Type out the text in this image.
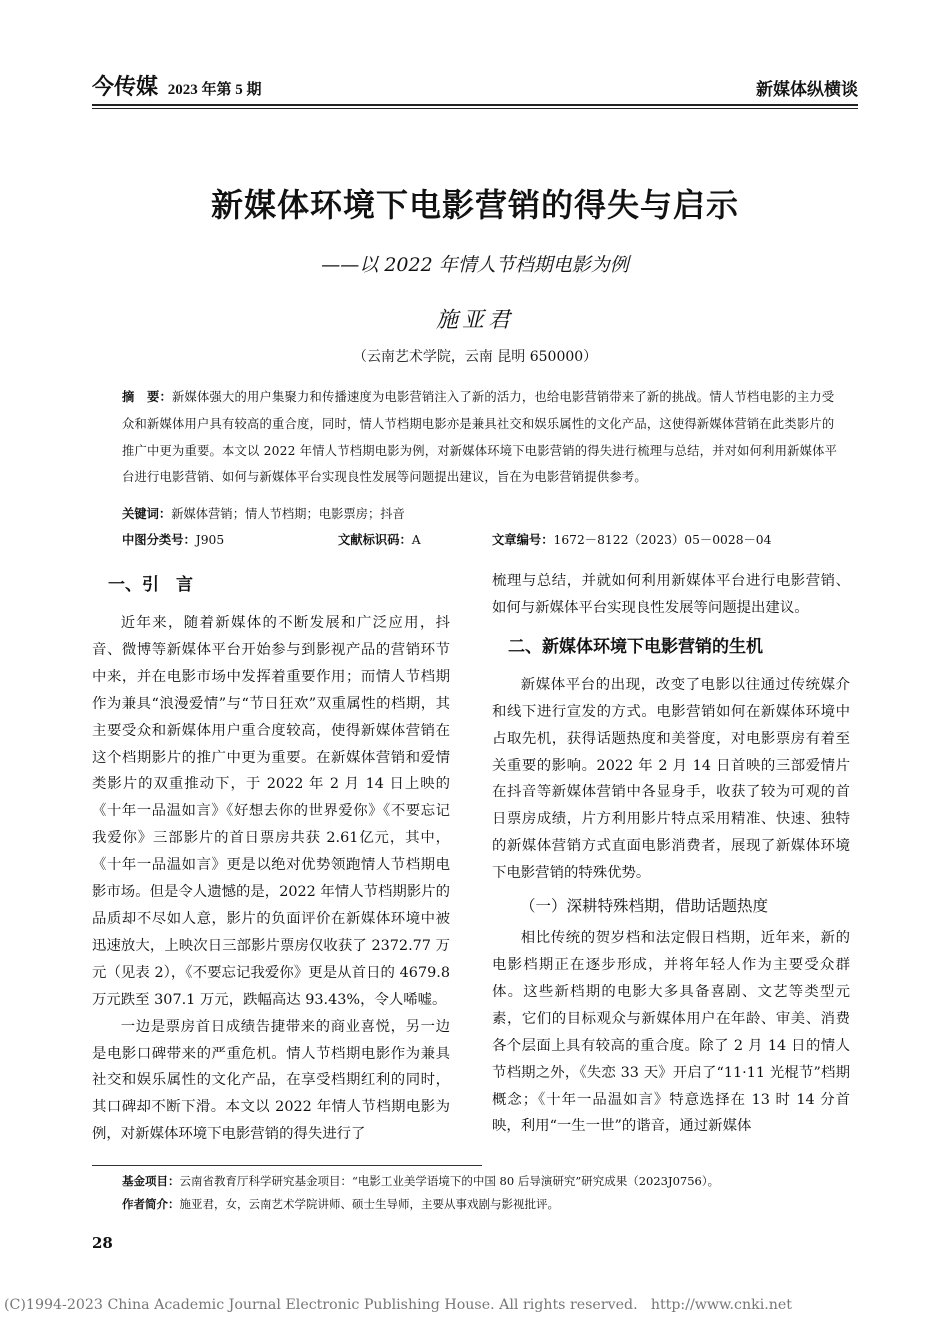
今传媒 2023 年第 5 期	新媒体纵横谈
新媒体环境下电影营销的得失与启示
——以 2022 年情人节档期电影为例
施亚君
（云南艺术学院，云南 昆明 650000）
摘　要：新媒体强大的用户集聚力和传播速度为电影营销注入了新的活力，也给电影营销带来了新的挑战。情人节档电影的主力受众和新媒体用户具有较高的重合度，同时，情人节档期电影亦是兼具社交和娱乐属性的文化产品，这使得新媒体营销在此类影片的推广中更为重要。本文以 2022 年情人节档期电影为例，对新媒体环境下电影营销的得失进行梳理与总结，并对如何利用新媒体平台进行电影营销、如何与新媒体平台实现良性发展等问题提出建议，旨在为电影营销提供参考。
关键词：新媒体营销；情人节档期；电影票房；抖音
中图分类号：J905	文献标识码：A	文章编号：1672－8122（2023）05－0028－04
一、引　言

近年来，随着新媒体的不断发展和广泛应用，抖音、微博等新媒体平台开始参与到影视产品的营销环节中来，并在电影市场中发挥着重要作用；而情人节档期作为兼具“浪漫爱情”与“节日狂欢”双重属性的档期，其主要受众和新媒体用户重合度较高，使得新媒体营销在这个档期影片的推广中更为重要。在新媒体营销和爱情类影片的双重推动下，于 2022 年 2 月 14 日上映的《十年一品温如言》《好想去你的世界爱你》《不要忘记我爱你》三部影片的首日票房共获 2.61亿元，其中，《十年一品温如言》更是以绝对优势领跑情人节档期电影市场。但是令人遗憾的是，2022 年情人节档期影片的品质却不尽如人意，影片的负面评价在新媒体环境中被迅速放大，上映次日三部影片票房仅收获了 2372.77 万元（见表 2），《不要忘记我爱你》更是从首日的 4679.8 万元跌至 307.1 万元，跌幅高达 93.43%，令人唏嘘。

一边是票房首日成绩告捷带来的商业喜悦，另一边是电影口碑带来的严重危机。情人节档期电影作为兼具社交和娱乐属性的文化产品，在享受档期红利的同时，其口碑却不断下滑。本文以 2022 年情人节档期电影为例，对新媒体环境下电影营销的得失进行了

梳理与总结，并就如何利用新媒体平台进行电影营销、如何与新媒体平台实现良性发展等问题提出建议。

二、新媒体环境下电影营销的生机

新媒体平台的出现，改变了电影以往通过传统媒介和线下进行宣发的方式。电影营销如何在新媒体环境中占取先机，获得话题热度和美誉度，对电影票房有着至关重要的影响。2022 年 2 月 14 日首映的三部爱情片在抖音等新媒体营销中各显身手，收获了较为可观的首日票房成绩，片方利用影片特点采用精准、快速、独特的新媒体营销方式直面电影消费者，展现了新媒体环境下电影营销的特殊优势。

（一）深耕特殊档期，借助话题热度

相比传统的贺岁档和法定假日档期，近年来，新的电影档期正在逐步形成，并将年轻人作为主要受众群体。这些新档期的电影大多具备喜剧、文艺等类型元素，它们的目标观众与新媒体用户在年龄、审美、消费各个层面上具有较高的重合度。除了 2 月 14 日的情人节档期之外，《失恋 33 天》开启了“11·11 光棍节”档期概念；《十年一品温如言》特意选择在 13 时 14 分首映，利用“一生一世”的谐音，通过新媒体

基金项目：云南省教育厅科学研究基金项目：“电影工业美学语境下的中国 80 后导演研究”研究成果（2023J0756）。
作者简介：施亚君，女，云南艺术学院讲师、硕士生导师，主要从事戏剧与影视批评。
28
(C)1994-2023 China Academic Journal Electronic Publishing House. All rights reserved. http://www.cnki.net
